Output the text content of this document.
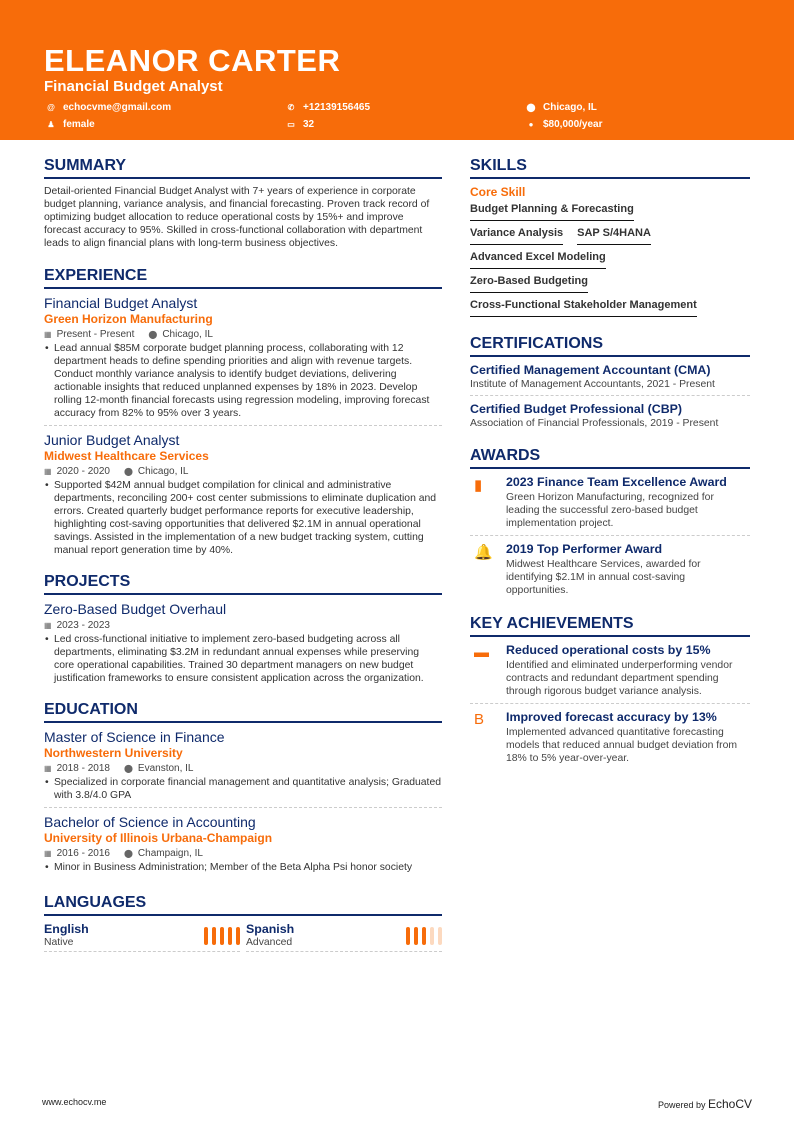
ELEANOR CARTER
Financial Budget Analyst
@ echocvme@gmail.com	✆ +12139156465	⬤ Chicago, IL
♟ female	▭ 32	● $80,000/year
SUMMARY
Detail-oriented Financial Budget Analyst with 7+ years of experience in corporate budget planning, variance analysis, and financial forecasting. Proven track record of optimizing budget allocation to reduce operational costs by 15%+ and improve forecast accuracy to 95%. Skilled in cross-functional collaboration with department leads to align financial plans with long-term business objectives.
EXPERIENCE
Financial Budget Analyst
Green Horizon Manufacturing
▦ Present - Present ⬤ Chicago, IL
• Lead annual $85M corporate budget planning process, collaborating with 12 department heads to define spending priorities and align with revenue targets. Conduct monthly variance analysis to identify budget deviations, delivering actionable insights that reduced unplanned expenses by 18% in 2023. Develop rolling 12-month financial forecasts using regression modeling, improving forecast accuracy from 82% to 95% over 3 years.
Junior Budget Analyst
Midwest Healthcare Services
▦ 2020 - 2020 ⬤ Chicago, IL
• Supported $42M annual budget compilation for clinical and administrative departments, reconciling 200+ cost center submissions to eliminate duplication and errors. Created quarterly budget performance reports for executive leadership, highlighting cost-saving opportunities that delivered $2.1M in annual operational savings. Assisted in the implementation of a new budget tracking system, cutting manual report generation time by 40%.
PROJECTS
Zero-Based Budget Overhaul
▦ 2023 - 2023
• Led cross-functional initiative to implement zero-based budgeting across all departments, eliminating $3.2M in redundant annual expenses while preserving core operational capabilities. Trained 30 department managers on new budget justification frameworks to ensure consistent application across the organization.
EDUCATION
Master of Science in Finance
Northwestern University
▦ 2018 - 2018 ⬤ Evanston, IL
• Specialized in corporate financial management and quantitative analysis; Graduated with 3.8/4.0 GPA
Bachelor of Science in Accounting
University of Illinois Urbana-Champaign
▦ 2016 - 2016 ⬤ Champaign, IL
• Minor in Business Administration; Member of the Beta Alpha Psi honor society
LANGUAGES
English
Native
Spanish
Advanced
SKILLS
Core Skill
Budget Planning & Forecasting
Variance Analysis SAP S/4HANA
Advanced Excel Modeling
Zero-Based Budgeting
Cross-Functional Stakeholder Management
CERTIFICATIONS
Certified Management Accountant (CMA)
Institute of Management Accountants, 2021 - Present
Certified Budget Professional (CBP)
Association of Financial Professionals, 2019 - Present
AWARDS
▮	2023 Finance Team Excellence Award
Green Horizon Manufacturing, recognized for leading the successful zero-based budget implementation project.
🔔	2019 Top Performer Award
Midwest Healthcare Services, awarded for identifying $2.1M in annual cost-saving opportunities.
KEY ACHIEVEMENTS
▬	Reduced operational costs by 15%
Identified and eliminated underperforming vendor contracts and redundant department spending through rigorous budget variance analysis.
B	Improved forecast accuracy by 13%
Implemented advanced quantitative forecasting models that reduced annual budget deviation from 18% to 5% year-over-year.
www.echocv.me	Powered by EchoCV
